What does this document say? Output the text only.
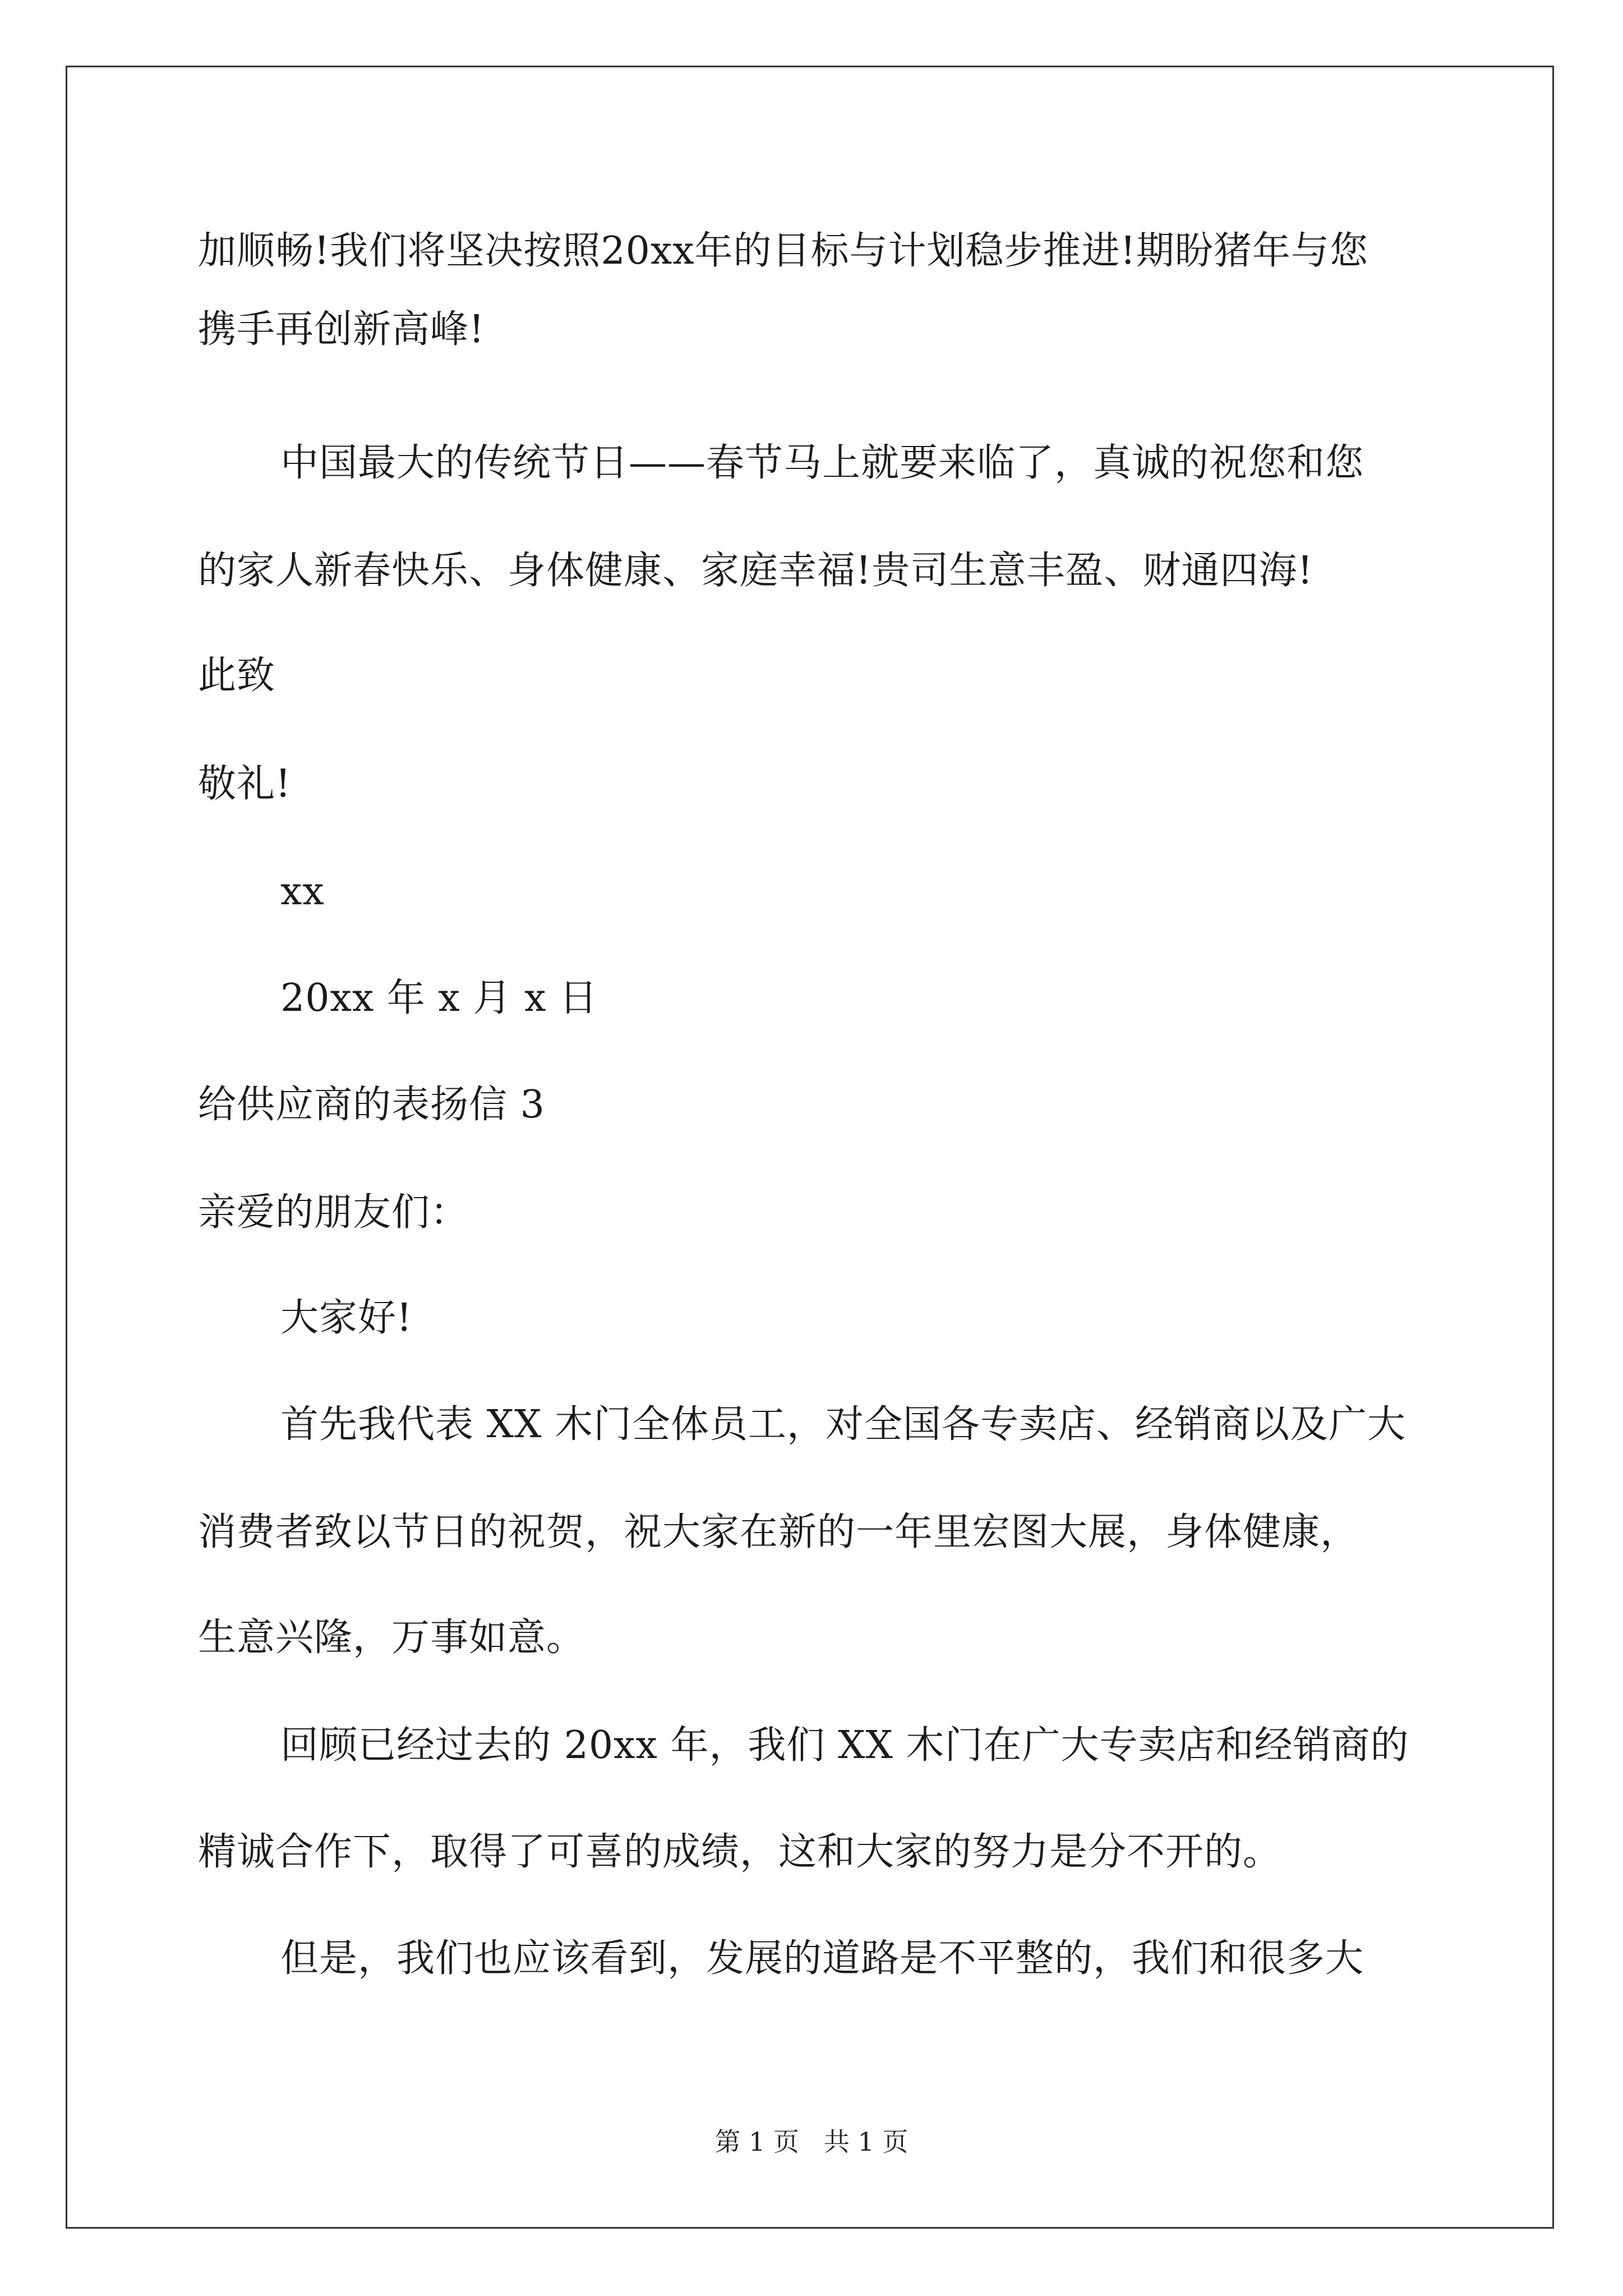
加顺畅!我们将坚决按照20xx年的目标与计划稳步推进!期盼猪年与您
携手再创新高峰!
中国最大的传统节日——春节马上就要来临了，真诚的祝您和您
的家人新春快乐、身体健康、家庭幸福!贵司生意丰盈、财通四海!
此致
敬礼!
xx
20xx 年 x 月 x 日
给供应商的表扬信 3
亲爱的朋友们：
大家好!
首先我代表 XX 木门全体员工，对全国各专卖店、经销商以及广大
消费者致以节日的祝贺，祝大家在新的一年里宏图大展，身体健康，
生意兴隆，万事如意。
回顾已经过去的 20xx 年，我们 XX 木门在广大专卖店和经销商的
精诚合作下，取得了可喜的成绩，这和大家的努力是分不开的。
但是，我们也应该看到，发展的道路是不平整的，我们和很多大
第 1 页   共 1 页
